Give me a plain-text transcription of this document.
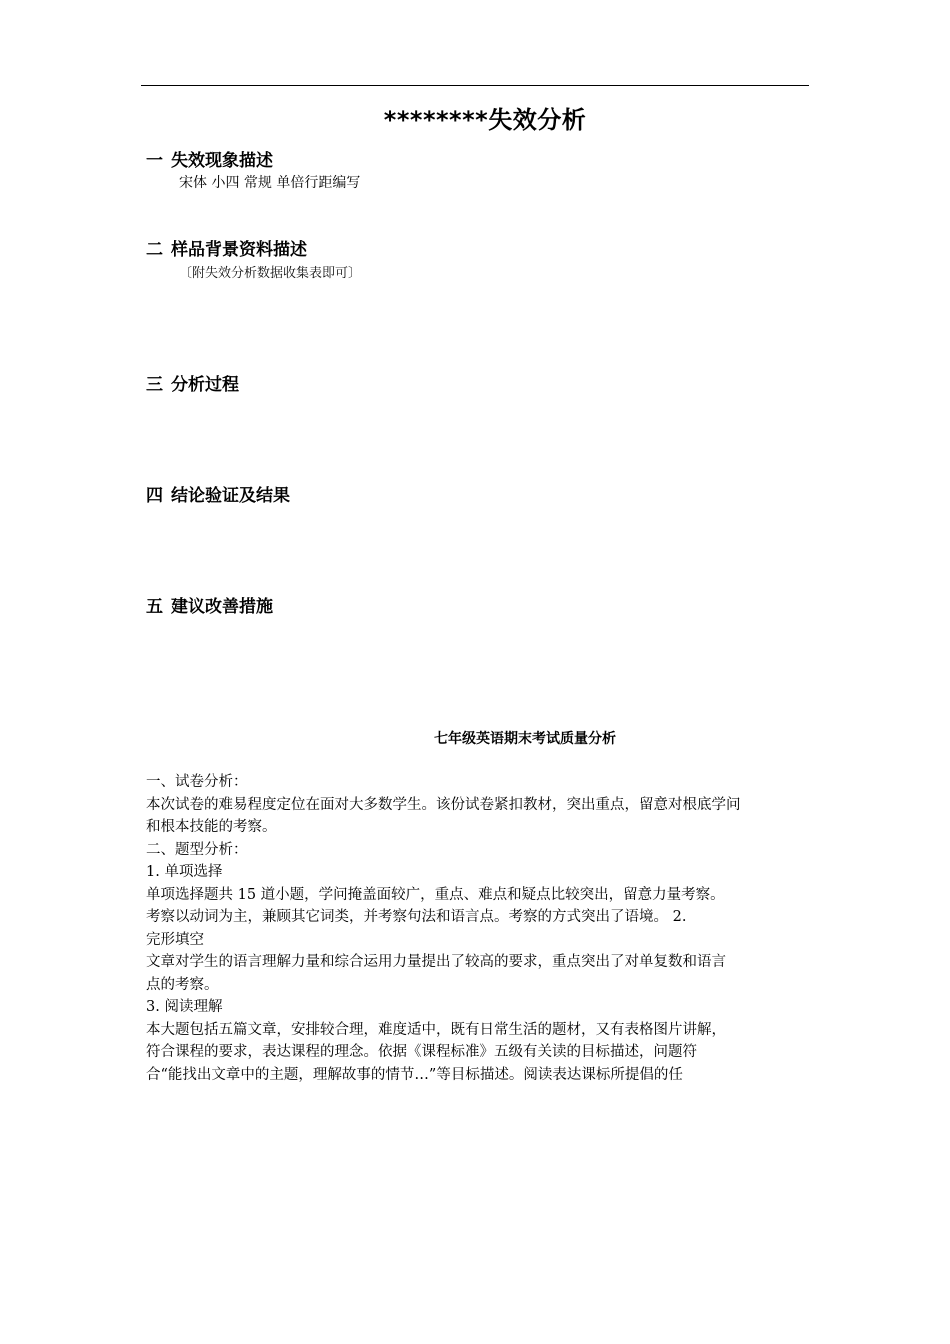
********失效分析
一 失效现象描述
宋体 小四 常规 单倍行距编写
二 样品背景资料描述
〔附失效分析数据收集表即可〕
三 分析过程
四 结论验证及结果
五 建议改善措施
七年级英语期末考试质量分析
一、试卷分析：
本次试卷的难易程度定位在面对大多数学生。该份试卷紧扣教材，突出重点，留意对根底学问
和根本技能的考察。
二、题型分析：
1. 单项选择
单项选择题共 15 道小题，学问掩盖面较广，重点、难点和疑点比较突出，留意力量考察。
考察以动词为主，兼顾其它词类，并考察句法和语言点。考察的方式突出了语境。 2.
完形填空
文章对学生的语言理解力量和综合运用力量提出了较高的要求，重点突出了对单复数和语言
点的考察。
3. 阅读理解
本大题包括五篇文章，安排较合理，难度适中，既有日常生活的题材，又有表格图片讲解，
符合课程的要求，表达课程的理念。依据《课程标准》五级有关读的目标描述，问题符
合“能找出文章中的主题，理解故事的情节…”等目标描述。阅读表达课标所提倡的任
